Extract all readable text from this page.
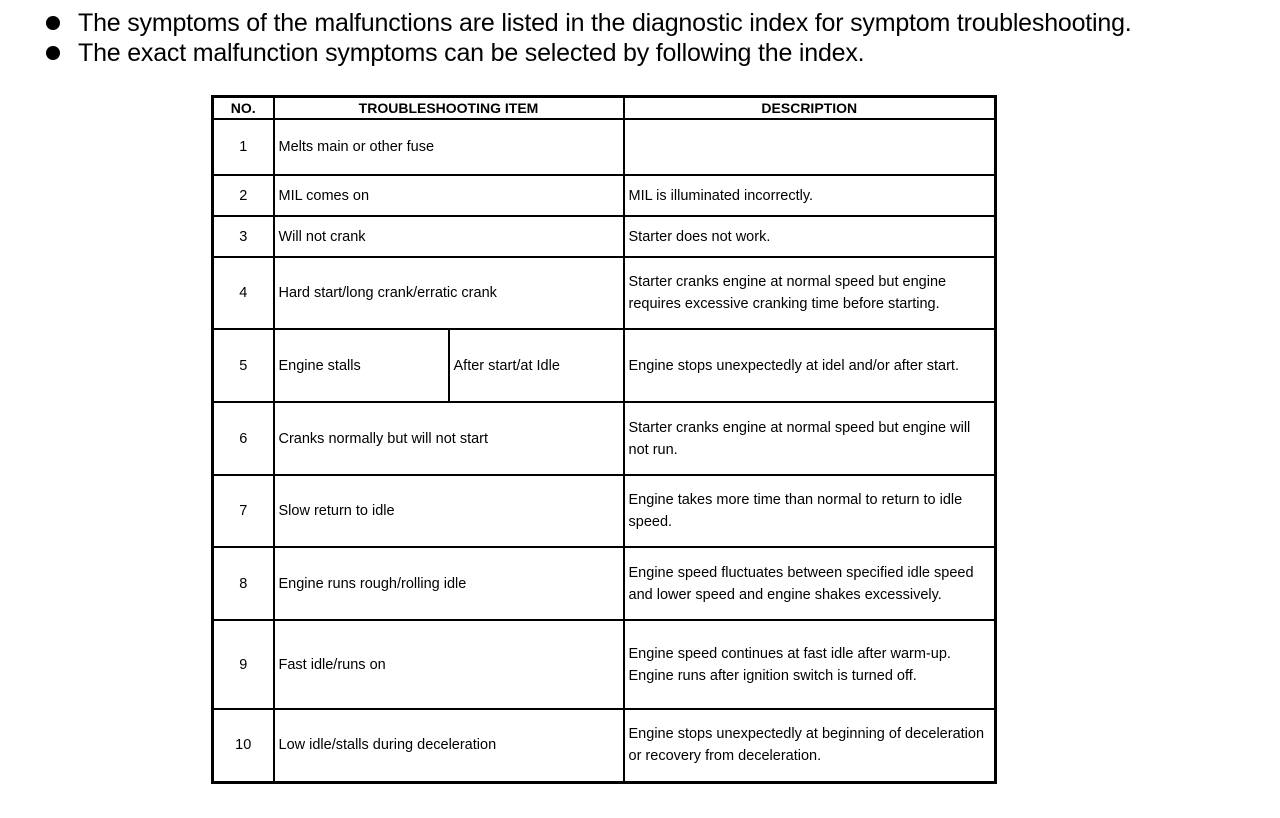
The symptoms of the malfunctions are listed in the diagnostic index for symptom troubleshooting.
The exact malfunction symptoms can be selected by following the index.
NO.	TROUBLESHOOTING ITEM		DESCRIPTION
1	Melts main or other fuse		
2	MIL comes on		MIL is illuminated incorrectly.
3	Will not crank		Starter does not work.
4	Hard start/long crank/erratic crank		Starter cranks engine at normal speed but engine requires excessive cranking time before starting.
5	Engine stalls	After start/at Idle	Engine stops unexpectedly at idel and/or after start.
6	Cranks normally but will not start		Starter cranks engine at normal speed but engine will not run.
7	Slow return to idle		Engine takes more time than normal to return to idle speed.
8	Engine runs rough/rolling idle		Engine speed fluctuates between specified idle speed and lower speed and engine shakes excessively.
9	Fast idle/runs on		Engine speed continues at fast idle after warm-up.
Engine runs after ignition switch is turned off.

10	Low idle/stalls during deceleration		Engine stops unexpectedly at beginning of deceleration or recovery from deceleration.
